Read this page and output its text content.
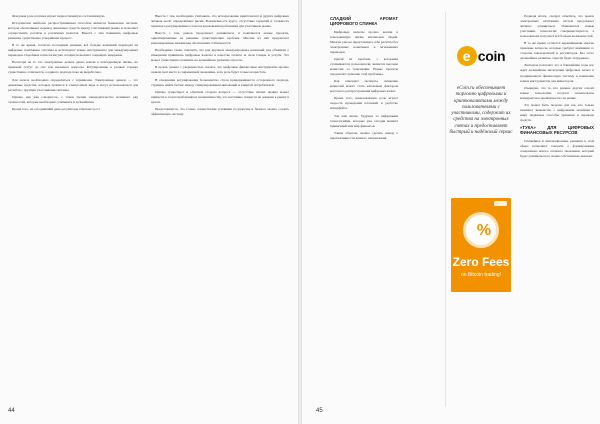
Фондовая роль платежа играет первостепенную составляющую.

Исторически наиболее распространённым способом является банковская система, которая обеспечивает перевод денежных средств между участниками рынка и позволяет осуществлять расчёты в различных валютах. Вместе с тем появились цифровые решения, существенно ускорившие процесс.

В то же время, согласно последним данным, всё больше компаний переходят на цифровые платёжные системы и используют новые инструменты для международных переводов. Подобные технологии уже сегодня позволяют сокращать издержки.

Несмотря на то что электронные деньги давно вошли в повседневную жизнь, их правовой статус до сих пор вызывает вопросы. Регулирование в разных странах существенно отличается, а единого подхода пока не выработано.

Для начала необходимо определиться с терминами. Электронные деньги — это денежные средства, которые хранятся в электронном виде и могут использоваться для расчётов с другими участниками системы.

Однако, как уже говорилось, с точки зрения законодательства возникает ряд сложностей, которые необходимо учитывать в дальнейшем.

Кроме того, на сегодняшний день регуляторы отмечают рост

Вместе с тем, необходимо учитывать, что использование криптовалют и других цифровых активов несёт определённые риски. Волатильность курса, отсутствие гарантий и сложность правового регулирования остаются ключевыми проблемами для участников рынка.

Вместе с тем, рынок продолжает развиваться, и появляются новые проекты, ориентированные на решение существующих проблем. Многие из них предлагают инновационные механизмы обеспечения стабильности.

Необходимо также отметить, что ряд крупных международных компаний уже объявили о намерении принимать цифровые валюты в качестве оплаты за свои товары и услуги. Это может существенно повлиять на дальнейшее развитие отрасли.

В целом, можно с уверенностью сказать, что цифровые финансовые инструменты прочно заняли своё место в современной экономике, и их роль будет только возрастать.

В отношении регулирования большинство стран придерживаются осторожного подхода, стремясь найти баланс между стимулированием инноваций и защитой потребителей.

Однако существует и обратная сторона вопроса — отсутствие чётких правил может привести к злоупотреблениям и мошенничеству, что негативно скажется на доверии к рынку в целом.

Представляется, что только совместными усилиями государства и бизнеса можно создать эффективную систему.

44	45
СЛАДКИЙ АРОМАТ ЦИФРОВОГО СПИНКА

Цифровые валюты прочно вошли в повседневную жизнь миллионов людей. Многие уже не представляют себе расчёты без электронных кошельков и мгновенных переводов.

Одной из проблем, с которыми сталкиваются пользователи, является высокая комиссия за транзакции. Новые проекты предлагают решение этой проблемы.

Как отмечают эксперты, снижение комиссий может стать ключевым фактором массового распространения цифровых валют.

Кроме того, немаловажную роль играет скорость проведения платежей и удобство интерфейса.

Так или иначе, будущее за цифровыми технологиями, которые уже сегодня меняют привычный нам мир финансов.

Таким образом, можно сделать вывод о перспективности данного направления.

e coin
eCoin.ru обеспечивает торговлю цифровыми и криптовалютами между пользователями с участниками, содержит их средства на электронных счетах и предоставляет быстрый и надёжный сервис
%
Zero Fees
on Bitcoin trading!

Подводя итоги, следует отметить, что рынок электронных платёжных систем продолжает активно развиваться. Появляются новые участники, технологии совершенствуются, а пользователи получают всё больше возможностей.

В то же время остаются нерешёнными многие правовые вопросы, которые требуют внимания со стороны законодателей и регуляторов. Без этого дальнейшее развитие отрасли будет затруднено.

Эксперты полагают, что в ближайшие годы нас ждёт дальнейшая интеграция цифровых валют в традиционную финансовую систему и появление новых инструментов для инвесторов.

Очевидно, что те, кто раньше других освоит новые технологии, получат значительное конкурентное преимущество на рынке.

Это может быть полезно для тех, кто только начинает знакомство с цифровыми активами и ищет надёжные способы хранения и перевода средств.

«ТУКА» ДЛЯ ЦИФРОВЫХ ФИНАНСОВЫХ РЕСУРСОВ

Специфика и инновационные решения в этой сфере позволяют говорить о формировании совершенно нового сегмента экономики, который будет развиваться по своим собственным законам.
